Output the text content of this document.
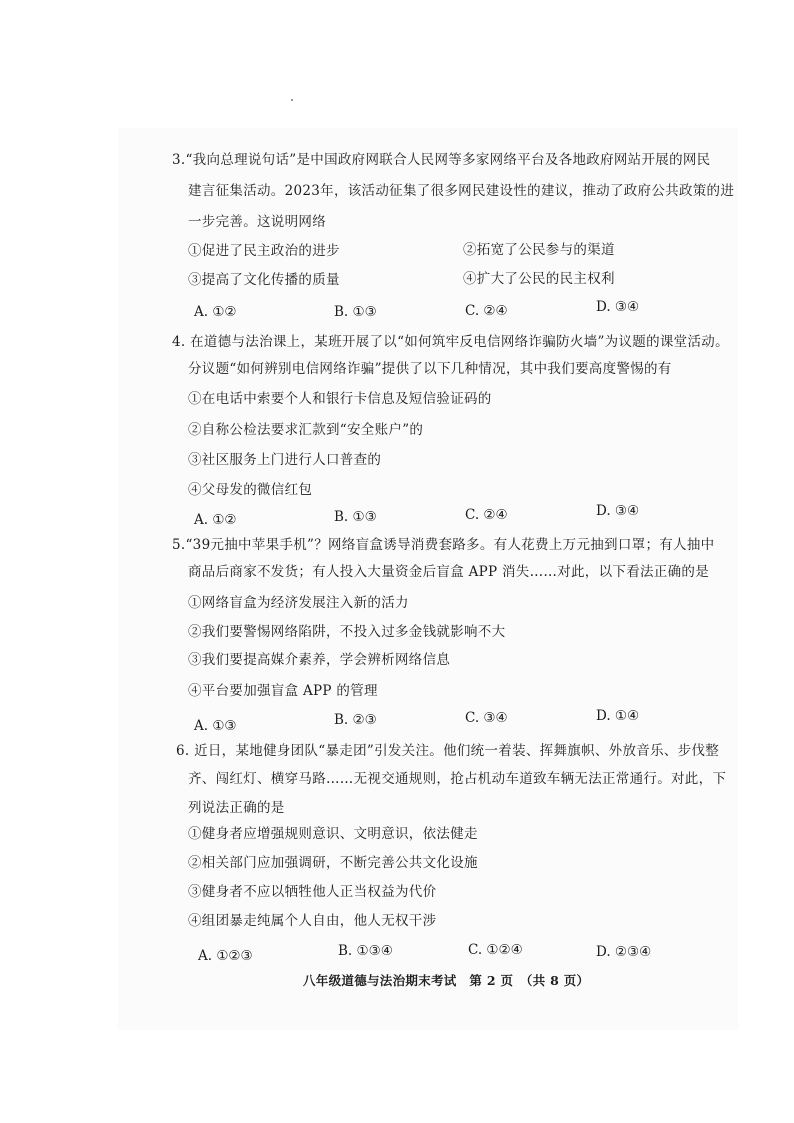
3.“我向总理说句话”是中国政府网联合人民网等多家网络平台及各地政府网站开展的网民
建言征集活动。2023年，该活动征集了很多网民建设性的建议，推动了政府公共政策的进
一步完善。这说明网络
①促进了民主政治的进步	②拓宽了公民参与的渠道
③提高了文化传播的质量	④扩大了公民的民主权利
A. ①②	B. ①③	C. ②④	D. ③④
4. 在道德与法治课上，某班开展了以“如何筑牢反电信网络诈骗防火墙”为议题的课堂活动。
分议题“如何辨别电信网络诈骗”提供了以下几种情况，其中我们要高度警惕的有
①在电话中索要个人和银行卡信息及短信验证码的
②自称公检法要求汇款到“安全账户”的
③社区服务上门进行人口普查的
④父母发的微信红包
A. ①②	B. ①③	C. ②④	D. ③④
5.“39元抽中苹果手机”？网络盲盒诱导消费套路多。有人花费上万元抽到口罩；有人抽中
商品后商家不发货；有人投入大量资金后盲盒 APP 消失……对此，以下看法正确的是
①网络盲盒为经济发展注入新的活力
②我们要警惕网络陷阱，不投入过多金钱就影响不大
③我们要提高媒介素养，学会辨析网络信息
④平台要加强盲盒 APP 的管理
A. ①③	B. ②③	C. ③④	D. ①④
6. 近日，某地健身团队“暴走团”引发关注。他们统一着装、挥舞旗帜、外放音乐、步伐整
齐、闯红灯、横穿马路……无视交通规则，抢占机动车道致车辆无法正常通行。对此，下
列说法正确的是
①健身者应增强规则意识、文明意识，依法健走
②相关部门应加强调研，不断完善公共文化设施
③健身者不应以牺牲他人正当权益为代价
④组团暴走纯属个人自由，他人无权干涉
A. ①②③	B. ①③④	C. ①②④	D. ②③④
八年级道德与法治期末考试　第 2 页　（共 8 页）
